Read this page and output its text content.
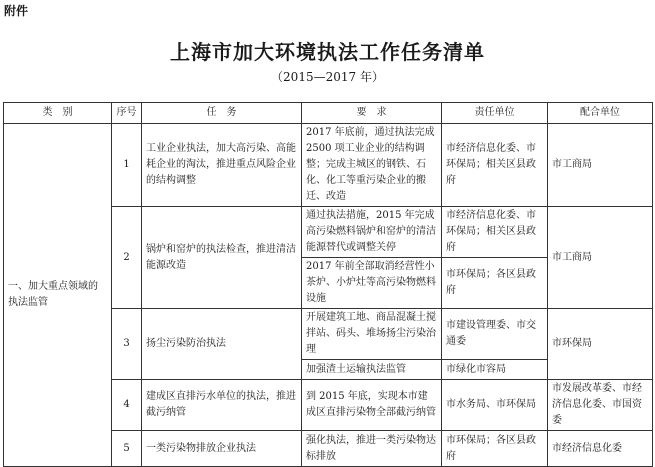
附件
上海市加大环境执法工作任务清单
（2015—2017 年）
类　别	序号	任　务	要　求	责任单位	配合单位
一、加大重点领域的执法监管	1	工业企业执法，加大高污染、高能耗企业的淘汰，推进重点风险企业的结构调整	2017 年底前，通过执法完成 2500 项工业企业的结构调整；完成主城区的钢铁、石化、化工等重污染企业的搬迁、改造	市经济信息化委、市环保局；相关区县政府	市工商局
	2	锅炉和窑炉的执法检查，推进清洁能源改造	通过执法措施，2015 年完成高污染燃料锅炉和窑炉的清洁能源替代或调整关停	市经济信息化委、市环保局；相关区县政府	市工商局
			2017 年前全部取消经营性小茶炉、小炉灶等高污染物燃料设施	市环保局；各区县政府	
	3	扬尘污染防治执法	开展建筑工地、商品混凝土搅拌站、码头、堆场扬尘污染治理	市建设管理委、市交通委	市环保局
			加强渣土运输执法监管	市绿化市容局	
	4	建成区直排污水单位的执法，推进截污纳管	到 2015 年底，实现本市建成区直排污染物全部截污纳管	市水务局、市环保局	市发展改革委、市经济信息化委、市国资委
	5	一类污染物排放企业执法	强化执法，推进一类污染物达标排放	市环保局；各区县政府	市经济信息化委
